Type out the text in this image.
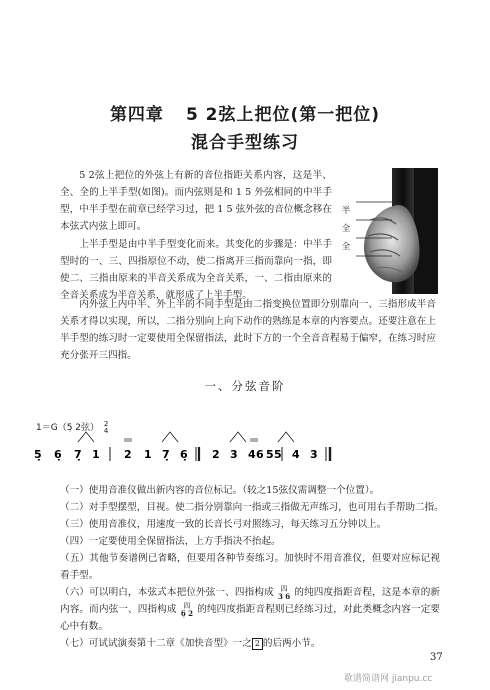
第四章 5 2弦上把位(第一把位)
混合手型练习
5 2弦上把位的外弦上有新的音位指距关系内容，这是半、全、全的上半手型(如图)。而内弦则是和 1 5 外弦相同的中半手型，中半手型在前章已经学习过，把 1 5 弦外弦的音位概念移在本弦式内弦上即可。
上半手型是由中半手型变化而来。其变化的步骤是：中半手型时的一、三、四指原位不动，使二指离开三指而靠向一指，即使二、三指由原来的半音关系成为全音关系，一、二指由原来的全音关系成为半音关系，就形成了上半手型。
内外弦上内中半、外上半的不同手型是由二指变换位置即分别靠向一、三指形成半音关系才得以实现，所以，二指分别向上向下动作的熟练是本章的内容要点。还要注意在上半手型的练习时一定要使用全保留指法，此时下方的一个全音音程易于偏窄，在练习时应充分张开三四指。
半
全
全
一、分弦音阶
1＝G（5̣ 2弦） 2
4
5̣ 6̣ 7̣ 1 2 1 7̣ 6̣ 2 3 4 5
6 5 4 3
（一）使用音准仪做出新内容的音位标记。（较之15弦仪需调整一个位置）。
（二）对手型摆型，目视。使二指分别靠向一指或三指做无声练习，也可用右手帮助二指。
（三）使用音准仪，用速度一致的长音长弓对照练习，每天练习五分钟以上。
（四）一定要使用全保留指法，上方手指决不抬起。
（五）其他节奏谱例已省略，但要用各种节奏练习。加快时不用音准仪，但要对应标记视看手型。
（六）可以明白，本弦式本把位外弦一、四指构成 四
3 6 的纯四度指距音程，这是本章的新内容。而内弦一、四指构成 四
6̣ 2 的纯四度指距音程则已经练习过，对此类概念内容一定要心中有数。
（七）可试试演奏第十二章《加快音型》一之 2 的后两小节。
37
歌谱简谱网 jianpu.cc
